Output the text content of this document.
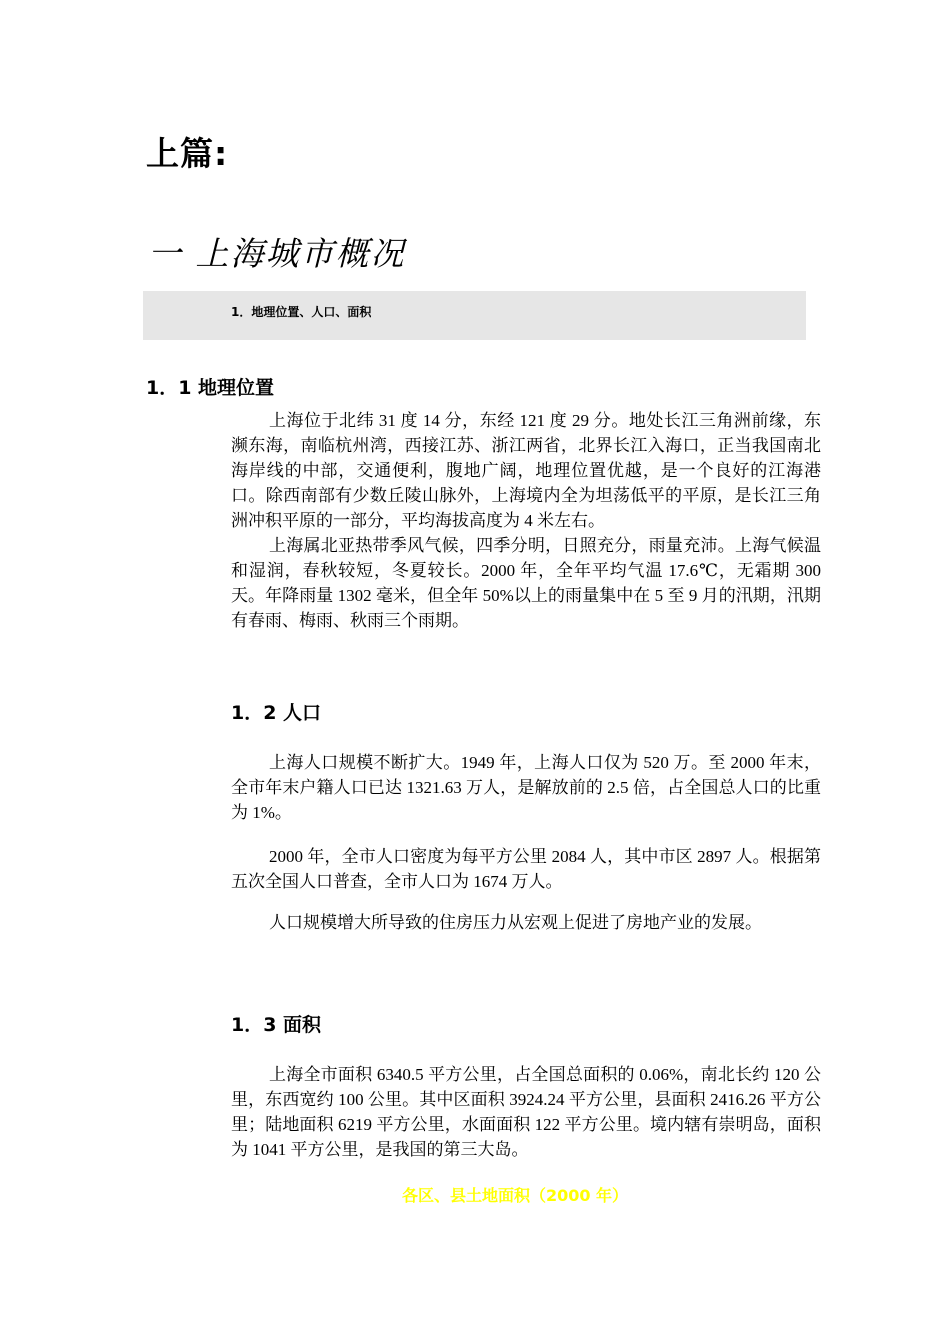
上篇:
一 上海城市概况
1．地理位置、人口、面积
1．1 地理位置

上海位于北纬 31 度 14 分，东经 121 度 29 分。地处长江三角洲前缘，东濒东海，南临杭州湾，西接江苏、浙江两省，北界长江入海口，正当我国南北海岸线的中部，交通便利，腹地广阔，地理位置优越，是一个良好的江海港口。除西南部有少数丘陵山脉外，上海境内全为坦荡低平的平原，是长江三角洲冲积平原的一部分，平均海拔高度为 4 米左右。

上海属北亚热带季风气候，四季分明，日照充分，雨量充沛。上海气候温和湿润，春秋较短，冬夏较长。2000 年，全年平均气温 17.6℃，无霜期 300 天。年降雨量 1302 毫米，但全年 50%以上的雨量集中在 5 至 9 月的汛期，汛期有春雨、梅雨、秋雨三个雨期。

1．2 人口

上海人口规模不断扩大。1949 年，上海人口仅为 520 万。至 2000 年末，全市年末户籍人口已达 1321.63 万人，是解放前的 2.5 倍，占全国总人口的比重为 1%。

2000 年，全市人口密度为每平方公里 2084 人，其中市区 2897 人。根据第五次全国人口普查，全市人口为 1674 万人。

人口规模增大所导致的住房压力从宏观上促进了房地产业的发展。

1．3 面积

上海全市面积 6340.5 平方公里，占全国总面积的 0.06%，南北长约 120 公里，东西宽约 100 公里。其中区面积 3924.24 平方公里，县面积 2416.26 平方公里；陆地面积 6219 平方公里，水面面积 122 平方公里。境内辖有崇明岛，面积为 1041 平方公里，是我国的第三大岛。

各区、县土地面积（2000 年）
